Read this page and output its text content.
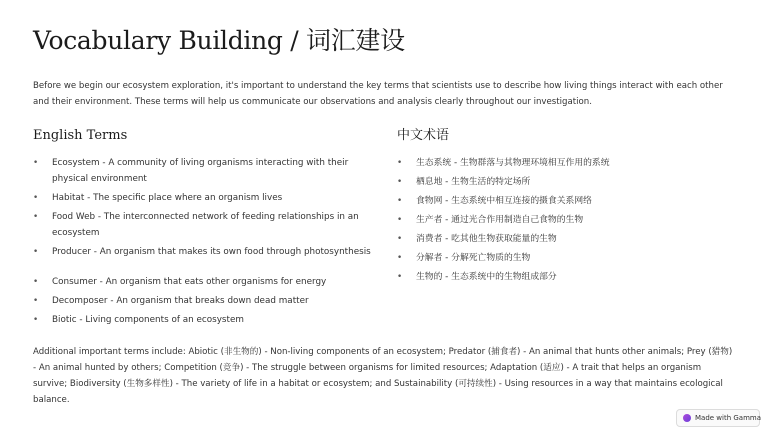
Vocabulary Building / 词汇建设

Before we begin our ecosystem exploration, it's important to understand the key terms that scientists use to describe how living things interact with each other and their environment. These terms will help us communicate our observations and analysis clearly throughout our investigation.

English Terms
• Ecosystem - A community of living organisms interacting with their physical environment
• Habitat - The specific place where an organism lives
• Food Web - The interconnected network of feeding relationships in an ecosystem
• Producer - An organism that makes its own food through photosynthesis
• Consumer - An organism that eats other organisms for energy
• Decomposer - An organism that breaks down dead matter
• Biotic - Living components of an ecosystem
中文术语
• 生态系统 - 生物群落与其物理环境相互作用的系统
• 栖息地 - 生物生活的特定场所
• 食物网 - 生态系统中相互连接的摄食关系网络
• 生产者 - 通过光合作用制造自己食物的生物
• 消费者 - 吃其他生物获取能量的生物
• 分解者 - 分解死亡物质的生物
• 生物的 - 生态系统中的生物组成部分

Additional important terms include: Abiotic (非生物的) - Non-living components of an ecosystem; Predator (捕食者) - An animal that hunts other animals; Prey (猎物) - An animal hunted by others; Competition (竞争) - The struggle between organisms for limited resources; Adaptation (适应) - A trait that helps an organism survive; Biodiversity (生物多样性) - The variety of life in a habitat or ecosystem; and Sustainability (可持续性) - Using resources in a way that maintains ecological balance.

Made with Gamma
